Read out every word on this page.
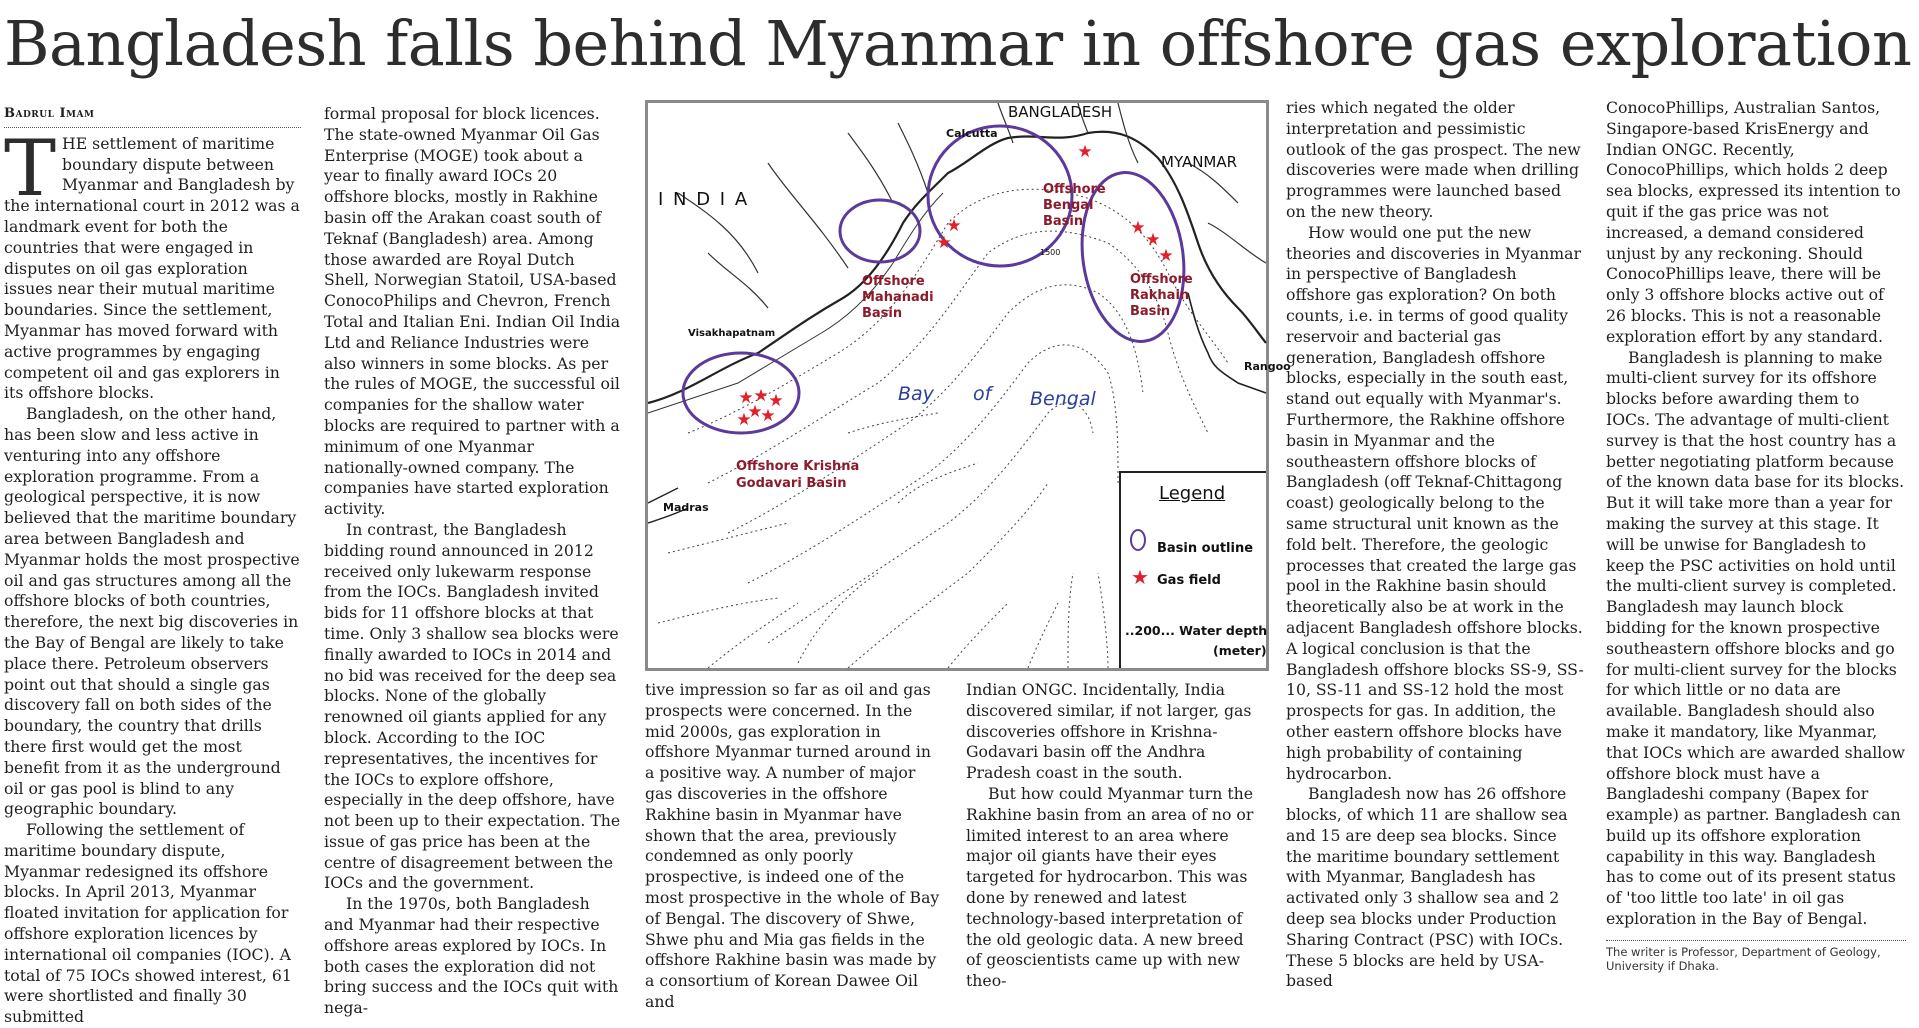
Bangladesh falls behind Myanmar in offshore gas exploration
Badrul Imam

THE settlement of maritime boundary dispute between Myanmar and Bangladesh by the international court in 2012 was a landmark event for both the countries that were engaged in disputes on oil gas exploration issues near their mutual maritime boundaries. Since the settlement, Myanmar has moved forward with active programmes by engaging competent oil and gas explorers in its offshore blocks.

Bangladesh, on the other hand, has been slow and less active in venturing into any offshore exploration programme. From a geological perspective, it is now believed that the maritime boundary area between Bangladesh and Myanmar holds the most prospective oil and gas structures among all the offshore blocks of both countries, therefore, the next big discoveries in the Bay of Bengal are likely to take place there. Petroleum observers point out that should a single gas discovery fall on both sides of the boundary, the country that drills there first would get the most benefit from it as the underground oil or gas pool is blind to any geographic boundary.

Following the settlement of maritime boundary dispute, Myanmar redesigned its offshore blocks. In April 2013, Myanmar floated invitation for application for offshore exploration licences by international oil companies (IOC). A total of 75 IOCs showed interest, 61 were shortlisted and finally 30 submitted

formal proposal for block licences. The state-owned Myanmar Oil Gas Enterprise (MOGE) took about a year to finally award IOCs 20 offshore blocks, mostly in Rakhine basin off the Arakan coast south of Teknaf (Bangladesh) area. Among those awarded are Royal Dutch Shell, Norwegian Statoil, USA-based ConocoPhilips and Chevron, French Total and Italian Eni. Indian Oil India Ltd and Reliance Industries were also winners in some blocks. As per the rules of MOGE, the successful oil companies for the shallow water blocks are required to partner with a minimum of one Myanmar nationally-owned company. The companies have started exploration activity.

In contrast, the Bangladesh bidding round announced in 2012 received only lukewarm response from the IOCs. Bangladesh invited bids for 11 offshore blocks at that time. Only 3 shallow sea blocks were finally awarded to IOCs in 2014 and no bid was received for the deep sea blocks. None of the globally renowned oil giants applied for any block. According to the IOC representatives, the incentives for the IOCs to explore offshore, especially in the deep offshore, have not been up to their expectation. The issue of gas price has been at the centre of disagreement between the IOCs and the government.

In the 1970s, both Bangladesh and Myanmar had their respective offshore areas explored by IOCs. In both cases the exploration did not bring success and the IOCs quit with nega-

★
★
★
★
★
★
★ ★ ★
★
★
★
BANGLADESH
MYANMAR
I N D I A
Calcutta
Visakhapatnam
Madras
Rangoo
1500
Bay of Bengal
Offshore
Bengal
Basin
Offshore
Mahanadi
Basin
Offshore
Rakhain
Basin
Offshore Krishna
Godavari Basin	Legend
Basin outline
★ Gas field
..200... Water depth
(meter)

tive impression so far as oil and gas prospects were concerned. In the mid 2000s, gas exploration in offshore Myanmar turned around in a positive way. A number of major gas discoveries in the offshore Rakhine basin in Myanmar have shown that the area, previously condemned as only poorly prospective, is indeed one of the most prospective in the whole of Bay of Bengal. The discovery of Shwe, Shwe phu and Mia gas fields in the offshore Rakhine basin was made by a consortium of Korean Dawee Oil and

Indian ONGC. Incidentally, India discovered similar, if not larger, gas discoveries offshore in Krishna-Godavari basin off the Andhra Pradesh coast in the south.

But how could Myanmar turn the Rakhine basin from an area of no or limited interest to an area where major oil giants have their eyes targeted for hydrocarbon. This was done by renewed and latest technology-based interpretation of the old geologic data. A new breed of geoscientists came up with new theo-

ries which negated the older interpretation and pessimistic outlook of the gas prospect. The new discoveries were made when drilling programmes were launched based on the new theory.

How would one put the new theories and discoveries in Myanmar in perspective of Bangladesh offshore gas exploration? On both counts, i.e. in terms of good quality reservoir and bacterial gas generation, Bangladesh offshore blocks, especially in the south east, stand out equally with Myanmar's. Furthermore, the Rakhine offshore basin in Myanmar and the southeastern offshore blocks of Bangladesh (off Teknaf-Chittagong coast) geologically belong to the same structural unit known as the fold belt. Therefore, the geologic processes that created the large gas pool in the Rakhine basin should theoretically also be at work in the adjacent Bangladesh offshore blocks. A logical conclusion is that the Bangladesh offshore blocks SS-9, SS-10, SS-11 and SS-12 hold the most prospects for gas. In addition, the other eastern offshore blocks have high probability of containing hydrocarbon.

Bangladesh now has 26 offshore blocks, of which 11 are shallow sea and 15 are deep sea blocks. Since the maritime boundary settlement with Myanmar, Bangladesh has activated only 3 shallow sea and 2 deep sea blocks under Production Sharing Contract (PSC) with IOCs. These 5 blocks are held by USA- based

ConocoPhillips, Australian Santos, Singapore-based KrisEnergy and Indian ONGC. Recently, ConocoPhillips, which holds 2 deep sea blocks, expressed its intention to quit if the gas price was not increased, a demand considered unjust by any reckoning. Should ConocoPhillips leave, there will be only 3 offshore blocks active out of 26 blocks. This is not a reasonable exploration effort by any standard.

Bangladesh is planning to make multi-client survey for its offshore blocks before awarding them to IOCs. The advantage of multi-client survey is that the host country has a better negotiating platform because of the known data base for its blocks. But it will take more than a year for making the survey at this stage. It will be unwise for Bangladesh to keep the PSC activities on hold until the multi-client survey is completed. Bangladesh may launch block bidding for the known prospective southeastern offshore blocks and go for multi-client survey for the blocks for which little or no data are available. Bangladesh should also make it mandatory, like Myanmar, that IOCs which are awarded shallow offshore block must have a Bangladeshi company (Bapex for example) as partner. Bangladesh can build up its offshore exploration capability in this way. Bangladesh has to come out of its present status of 'too little too late' in oil gas exploration in the Bay of Bengal.

The writer is Professor, Department of Geology, University if Dhaka.
